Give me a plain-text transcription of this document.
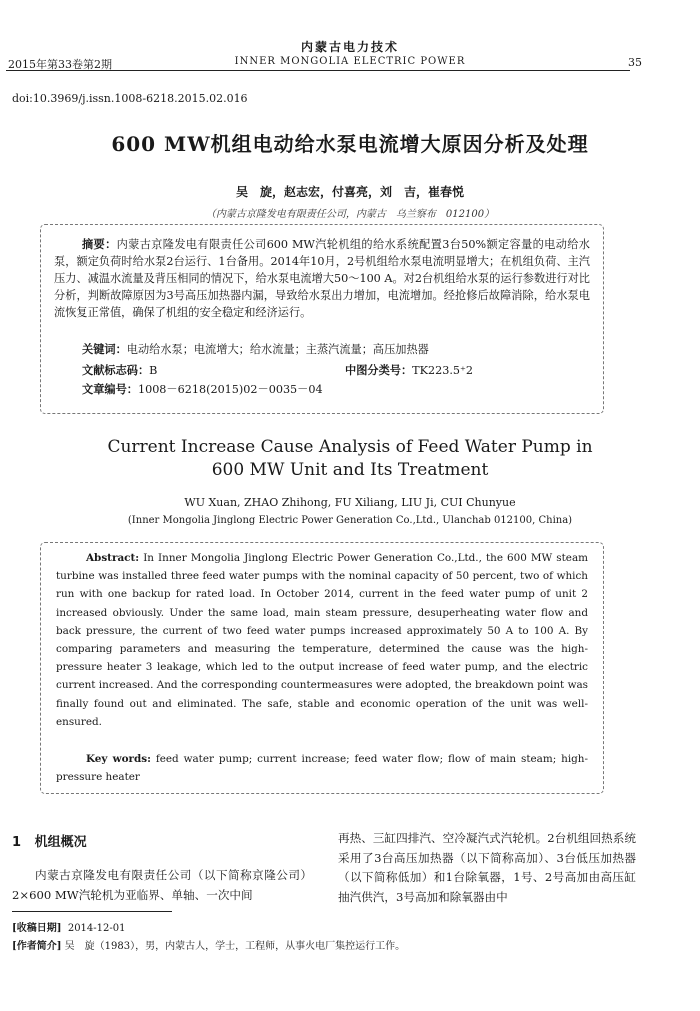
内蒙古电力技术
2015年第33卷第2期	INNER MONGOLIA ELECTRIC POWER	35
doi:10.3969/j.issn.1008-6218.2015.02.016
600 MW机组电动给水泵电流增大原因分析及处理
吴　旋，赵志宏，付喜亮，刘　吉，崔春悦
（内蒙古京隆发电有限责任公司，内蒙古　乌兰察布　012100）
摘要：内蒙古京隆发电有限责任公司600 MW汽轮机组的给水系统配置3台50%额定容量的电动给水泵，额定负荷时给水泵2台运行、1台备用。2014年10月，2号机组给水泵电流明显增大；在机组负荷、主汽压力、减温水流量及背压相同的情况下，给水泵电流增大50～100 A。对2台机组给水泵的运行参数进行对比分析，判断故障原因为3号高压加热器内漏，导致给水泵出力增加，电流增加。经抢修后故障消除，给水泵电流恢复正常值，确保了机组的安全稳定和经济运行。
关键词：电动给水泵；电流增大；给水流量；主蒸汽流量；高压加热器
文献标志码：B	中图分类号：TK223.5⁺2
文章编号：1008－6218(2015)02－0035－04
Current Increase Cause Analysis of Feed Water Pump in
600 MW Unit and Its Treatment
WU Xuan, ZHAO Zhihong, FU Xiliang, LIU Ji, CUI Chunyue
(Inner Mongolia Jinglong Electric Power Generation Co.,Ltd., Ulanchab 012100, China)
Abstract: In Inner Mongolia Jinglong Electric Power Generation Co.,Ltd., the 600 MW steam turbine was installed three feed water pumps with the nominal capacity of 50 percent, two of which run with one backup for rated load. In October 2014, current in the feed water pump of unit 2 increased obviously. Under the same load, main steam pressure, desuperheating water flow and back pressure, the current of two feed water pumps increased approximately 50 A to 100 A. By comparing parameters and measuring the temperature, determined the cause was the high-pressure heater 3 leakage, which led to the output increase of feed water pump, and the electric current increased. And the corresponding countermeasures were adopted, the breakdown point was finally found out and eliminated. The safe, stable and economic operation of the unit was well-ensured.
Key words: feed water pump; current increase; feed water flow; flow of main steam; high-pressure heater
1 机组概况
内蒙古京隆发电有限责任公司（以下简称京隆公司）2×600 MW汽轮机为亚临界、单轴、一次中间
再热、三缸四排汽、空冷凝汽式汽轮机。2台机组回热系统采用了3台高压加热器（以下简称高加）、3台低压加热器（以下简称低加）和1台除氧器，1号、2号高加由高压缸抽汽供汽，3号高加和除氧器由中
[收稿日期] 2014-12-01
[作者简介] 吴　旋（1983），男，内蒙古人，学士，工程师，从事火电厂集控运行工作。
